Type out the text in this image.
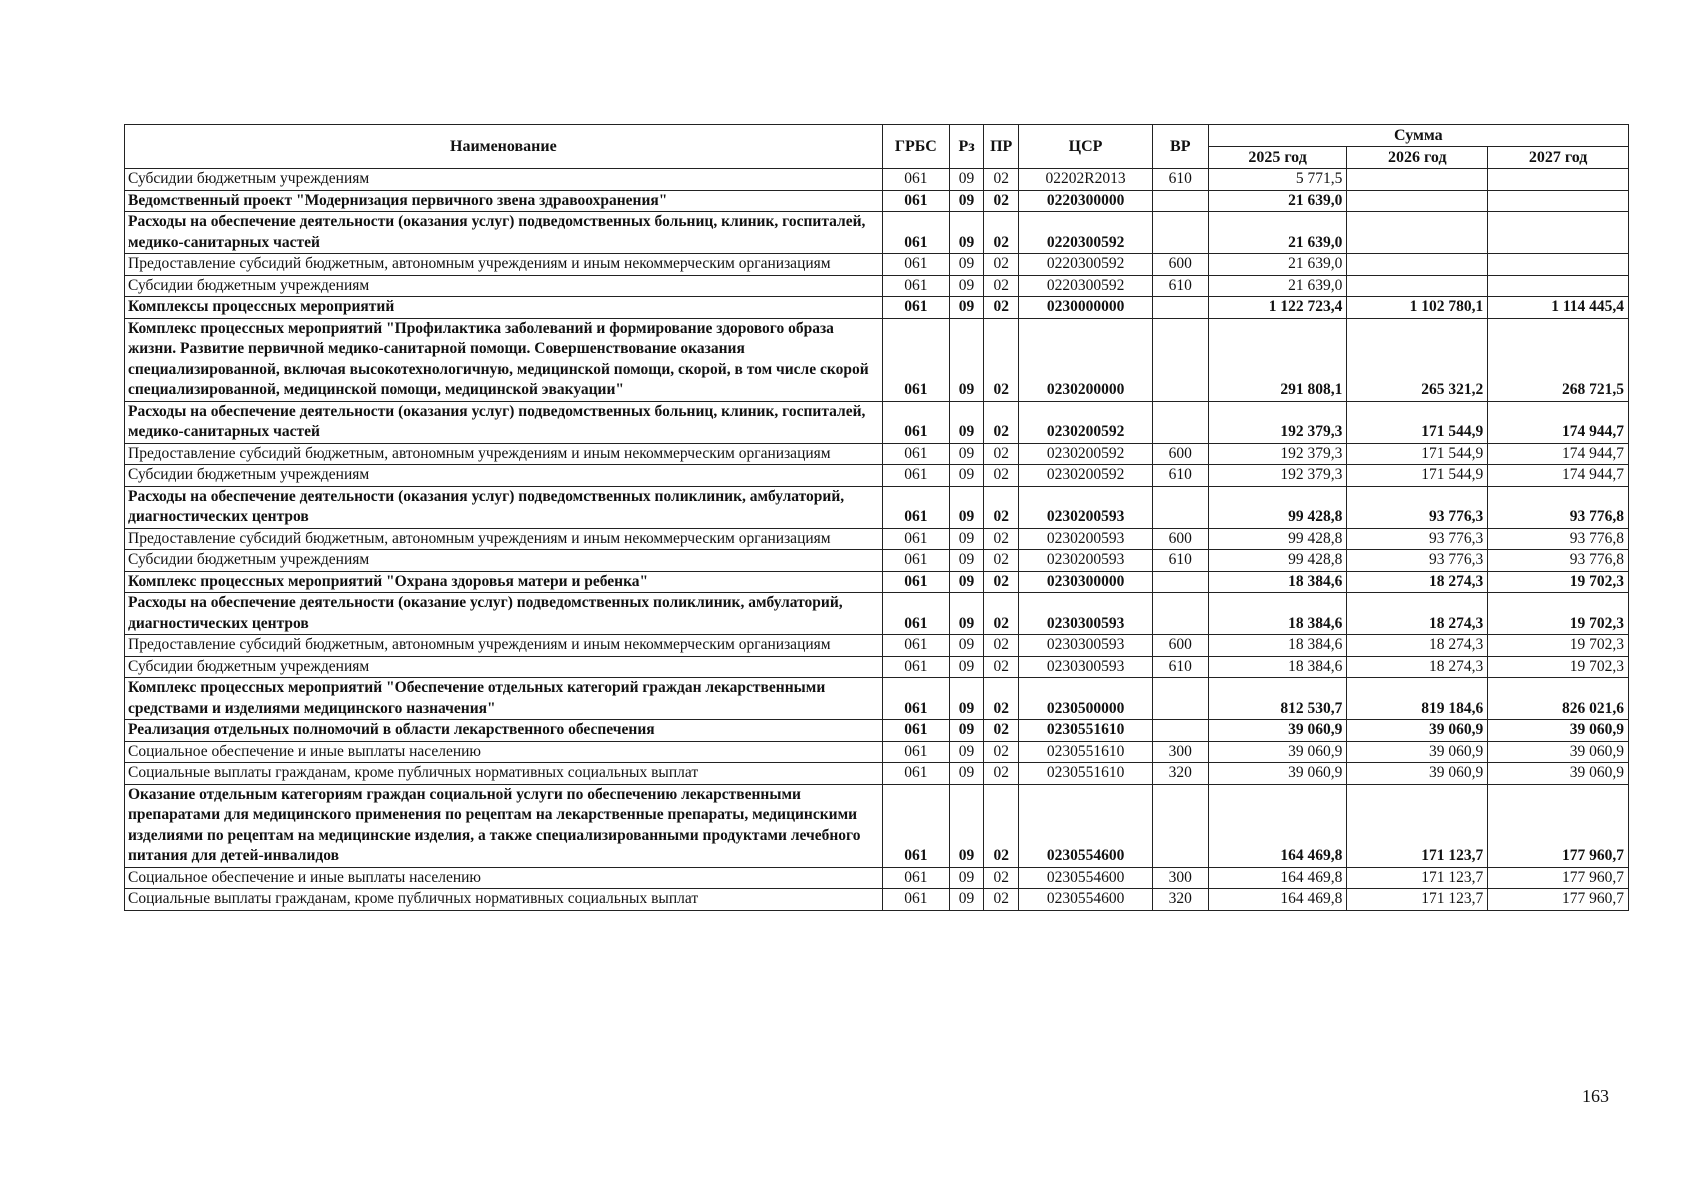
Наименование	ГРБС	Рз	ПР	ЦСР	ВР	Сумма		
						2025 год	2026 год	2027 год
Субсидии бюджетным учреждениям	061	09	02	02202R2013	610	5 771,5		
Ведомственный проект "Модернизация первичного звена здравоохранения"	061	09	02	0220300000		21 639,0		
Расходы на обеспечение деятельности (оказания услуг) подведомственных больниц, клиник, госпиталей, медико-санитарных частей	061	09	02	0220300592		21 639,0		
Предоставление субсидий бюджетным, автономным учреждениям и иным некоммерческим организациям	061	09	02	0220300592	600	21 639,0		
Субсидии бюджетным учреждениям	061	09	02	0220300592	610	21 639,0		
Комплексы процессных мероприятий	061	09	02	0230000000		1 122 723,4	1 102 780,1	1 114 445,4
Комплекс процессных мероприятий "Профилактика заболеваний и формирование здорового образа жизни. Развитие первичной медико-санитарной помощи. Совершенствование оказания специализированной, включая высокотехнологичную, медицинской помощи, скорой, в том числе скорой специализированной, медицинской помощи, медицинской эвакуации"	061	09	02	0230200000		291 808,1	265 321,2	268 721,5
Расходы на обеспечение деятельности (оказания услуг) подведомственных больниц, клиник, госпиталей, медико-санитарных частей	061	09	02	0230200592		192 379,3	171 544,9	174 944,7
Предоставление субсидий бюджетным, автономным учреждениям и иным некоммерческим организациям	061	09	02	0230200592	600	192 379,3	171 544,9	174 944,7
Субсидии бюджетным учреждениям	061	09	02	0230200592	610	192 379,3	171 544,9	174 944,7
Расходы на обеспечение деятельности (оказания услуг) подведомственных поликлиник, амбулаторий, диагностических центров	061	09	02	0230200593		99 428,8	93 776,3	93 776,8
Предоставление субсидий бюджетным, автономным учреждениям и иным некоммерческим организациям	061	09	02	0230200593	600	99 428,8	93 776,3	93 776,8
Субсидии бюджетным учреждениям	061	09	02	0230200593	610	99 428,8	93 776,3	93 776,8
Комплекс процессных мероприятий "Охрана здоровья матери и ребенка"	061	09	02	0230300000		18 384,6	18 274,3	19 702,3
Расходы на обеспечение деятельности (оказание услуг) подведомственных поликлиник, амбулаторий, диагностических центров	061	09	02	0230300593		18 384,6	18 274,3	19 702,3
Предоставление субсидий бюджетным, автономным учреждениям и иным некоммерческим организациям	061	09	02	0230300593	600	18 384,6	18 274,3	19 702,3
Субсидии бюджетным учреждениям	061	09	02	0230300593	610	18 384,6	18 274,3	19 702,3
Комплекс процессных мероприятий "Обеспечение отдельных категорий граждан лекарственными средствами и изделиями медицинского назначения"	061	09	02	0230500000		812 530,7	819 184,6	826 021,6
Реализация отдельных полномочий в области лекарственного обеспечения	061	09	02	0230551610		39 060,9	39 060,9	39 060,9
Социальное обеспечение и иные выплаты населению	061	09	02	0230551610	300	39 060,9	39 060,9	39 060,9
Социальные выплаты гражданам, кроме публичных нормативных социальных выплат	061	09	02	0230551610	320	39 060,9	39 060,9	39 060,9
Оказание отдельным категориям граждан социальной услуги по обеспечению лекарственными препаратами для медицинского применения по рецептам на лекарственные препараты, медицинскими изделиями по рецептам на медицинские изделия, а также специализированными продуктами лечебного питания для детей-инвалидов	061	09	02	0230554600		164 469,8	171 123,7	177 960,7
Социальное обеспечение и иные выплаты населению	061	09	02	0230554600	300	164 469,8	171 123,7	177 960,7
Социальные выплаты гражданам, кроме публичных нормативных социальных выплат	061	09	02	0230554600	320	164 469,8	171 123,7	177 960,7
163
